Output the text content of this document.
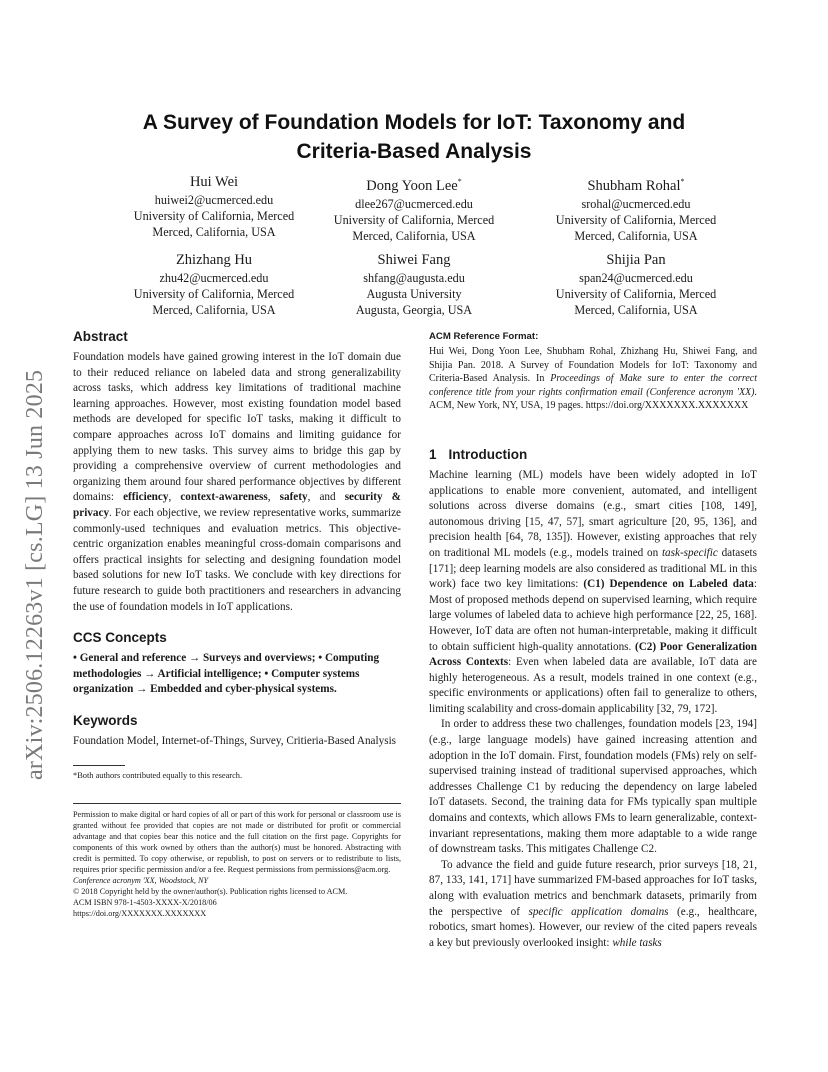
arXiv:2506.12263v1 [cs.LG] 13 Jun 2025
A Survey of Foundation Models for IoT: Taxonomy and
Criteria-Based Analysis
Hui Wei
huiwei2@ucmerced.edu
University of California, Merced
Merced, California, USA
Dong Yoon Lee*
dlee267@ucmerced.edu
University of California, Merced
Merced, California, USA
Shubham Rohal*
srohal@ucmerced.edu
University of California, Merced
Merced, California, USA
Zhizhang Hu
zhu42@ucmerced.edu
University of California, Merced
Merced, California, USA
Shiwei Fang
shfang@augusta.edu
Augusta University
Augusta, Georgia, USA
Shijia Pan
span24@ucmerced.edu
University of California, Merced
Merced, California, USA
Abstract

Foundation models have gained growing interest in the IoT domain due to their reduced reliance on labeled data and strong generalizability across tasks, which address key limitations of traditional machine learning approaches. However, most existing foundation model based methods are developed for specific IoT tasks, making it difficult to compare approaches across IoT domains and limiting guidance for applying them to new tasks. This survey aims to bridge this gap by providing a comprehensive overview of current methodologies and organizing them around four shared performance objectives by different domains: efficiency, context-awareness, safety, and security & privacy. For each objective, we review representative works, summarize commonly-used techniques and evaluation metrics. This objective-centric organization enables meaningful cross-domain comparisons and offers practical insights for selecting and designing foundation model based solutions for new IoT tasks. We conclude with key directions for future research to guide both practitioners and researchers in advancing the use of foundation models in IoT applications.

CCS Concepts

• General and reference → Surveys and overviews; • Computing methodologies → Artificial intelligence; • Computer systems organization → Embedded and cyber-physical systems.

Keywords

Foundation Model, Internet-of-Things, Survey, Critieria-Based Analysis

*Both authors contributed equally to this research.

Permission to make digital or hard copies of all or part of this work for personal or classroom use is granted without fee provided that copies are not made or distributed for profit or commercial advantage and that copies bear this notice and the full citation on the first page. Copyrights for components of this work owned by others than the author(s) must be honored. Abstracting with credit is permitted. To copy otherwise, or republish, to post on servers or to redistribute to lists, requires prior specific permission and/or a fee. Request permissions from permissions@acm.org.

Conference acronym 'XX, Woodstock, NY
© 2018 Copyright held by the owner/author(s). Publication rights licensed to ACM.
ACM ISBN 978-1-4503-XXXX-X/2018/06
https://doi.org/XXXXXXX.XXXXXXX
ACM Reference Format:

Hui Wei, Dong Yoon Lee, Shubham Rohal, Zhizhang Hu, Shiwei Fang, and Shijia Pan. 2018. A Survey of Foundation Models for IoT: Taxonomy and Criteria-Based Analysis. In Proceedings of Make sure to enter the correct conference title from your rights confirmation email (Conference acronym 'XX). ACM, New York, NY, USA, 19 pages. https://doi.org/XXXXXXX.XXXXXXX

1 Introduction

Machine learning (ML) models have been widely adopted in IoT applications to enable more convenient, automated, and intelligent solutions across diverse domains (e.g., smart cities [108, 149], autonomous driving [15, 47, 57], smart agriculture [20, 95, 136], and precision health [64, 78, 135]). However, existing approaches that rely on traditional ML models (e.g., models trained on task-specific datasets [171]; deep learning models are also considered as traditional ML in this work) face two key limitations: (C1) Dependence on Labeled data: Most of proposed methods depend on supervised learning, which require large volumes of labeled data to achieve high performance [22, 25, 168]. However, IoT data are often not human-interpretable, making it difficult to obtain sufficient high-quality annotations. (C2) Poor Generalization Across Contexts: Even when labeled data are available, IoT data are highly heterogeneous. As a result, models trained in one context (e.g., specific environments or applications) often fail to generalize to others, limiting scalability and cross-domain applicability [32, 79, 172].

In order to address these two challenges, foundation models [23, 194] (e.g., large language models) have gained increasing attention and adoption in the IoT domain. First, foundation models (FMs) rely on self-supervised training instead of traditional supervised approaches, which addresses Challenge C1 by reducing the dependency on large labeled IoT datasets. Second, the training data for FMs typically span multiple domains and contexts, which allows FMs to learn generalizable, context-invariant representations, making them more adaptable to a wide range of downstream tasks. This mitigates Challenge C2.

To advance the field and guide future research, prior surveys [18, 21, 87, 133, 141, 171] have summarized FM-based approaches for IoT tasks, along with evaluation metrics and benchmark datasets, primarily from the perspective of specific application domains (e.g., healthcare, robotics, smart homes). However, our review of the cited papers reveals a key but previously overlooked insight: while tasks
